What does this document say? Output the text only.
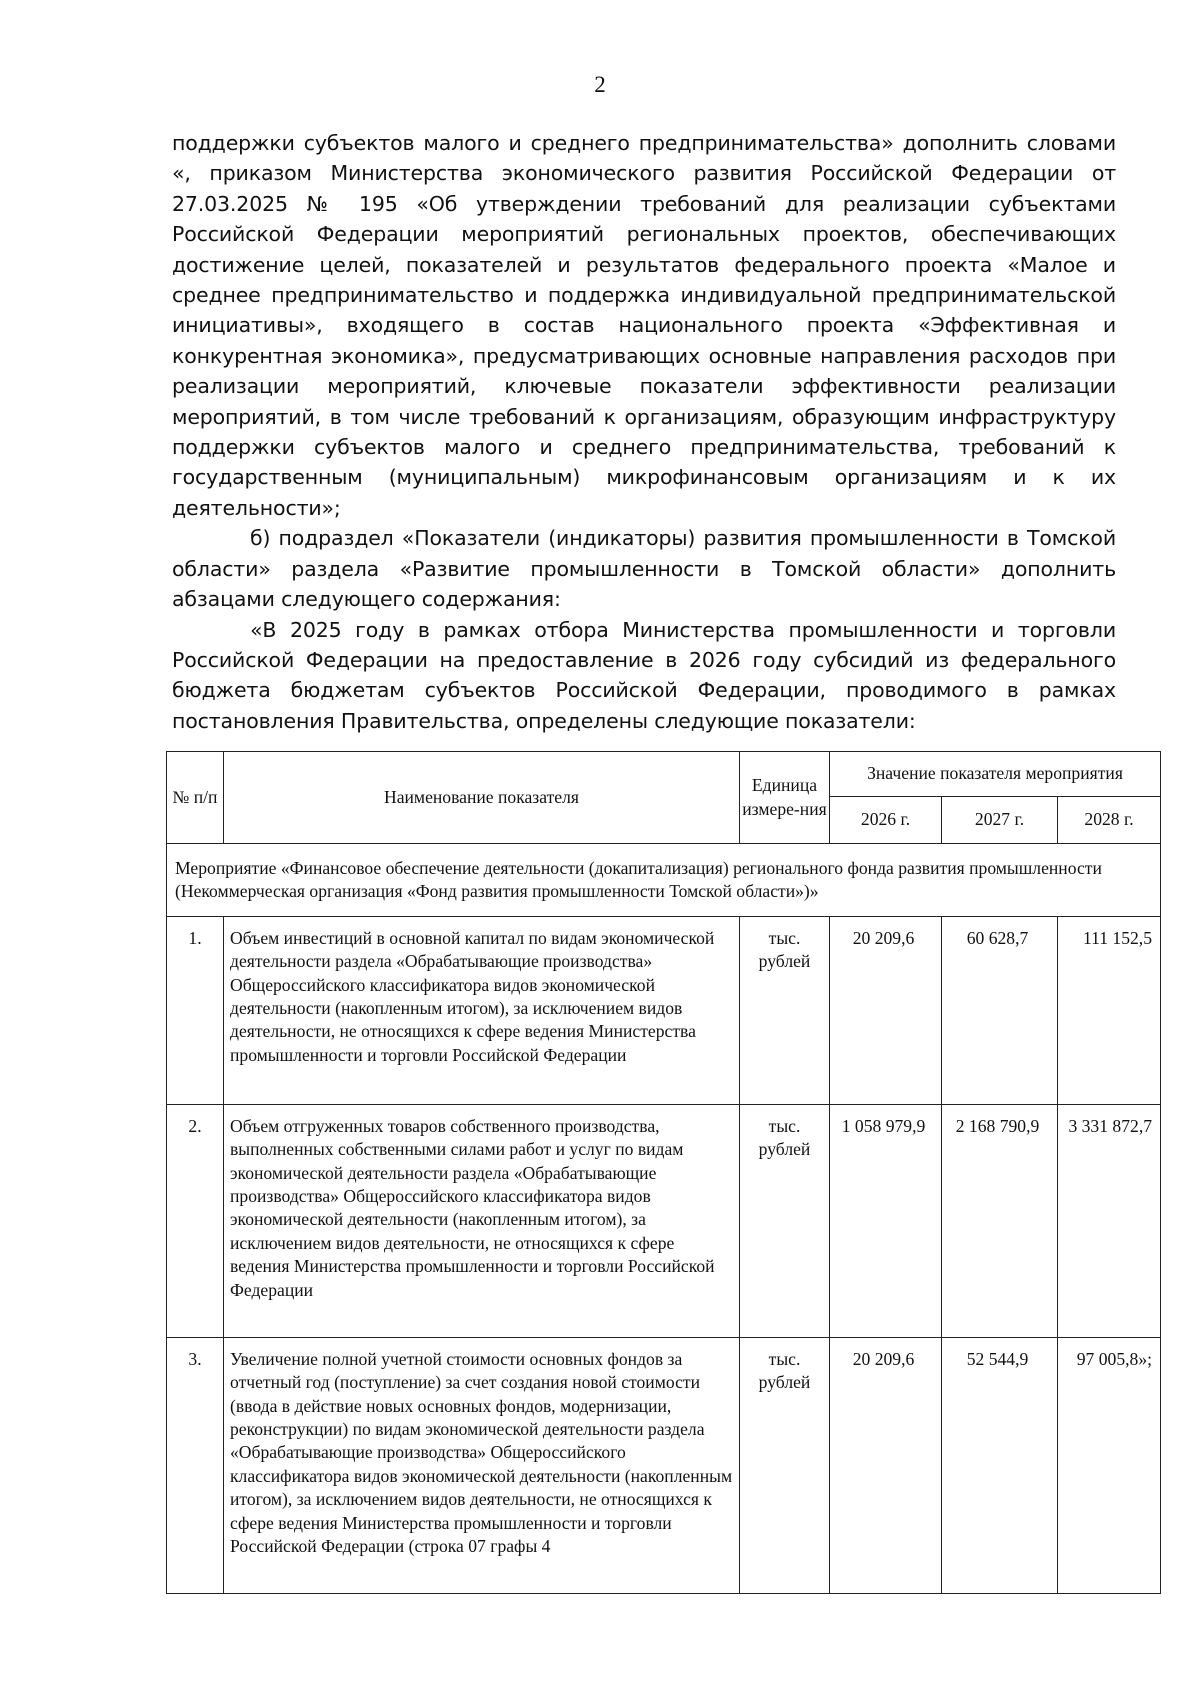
2

поддержки субъектов малого и среднего предпринимательства» дополнить словами «, приказом Министерства экономического развития Российской Федерации от 27.03.2025 № 195 «Об утверждении требований для реализации субъектами Российской Федерации мероприятий региональных проектов, обеспечивающих достижение целей, показателей и результатов федерального проекта «Малое и среднее предпринимательство и поддержка индивидуальной предпринимательской инициативы», входящего в состав национального проекта «Эффективная и конкурентная экономика», предусматривающих основные направления расходов при реализации мероприятий, ключевые показатели эффективности реализации мероприятий, в том числе требований к организациям, образующим инфраструктуру поддержки субъектов малого и среднего предпринимательства, требований к государственным (муниципальным) микрофинансовым организациям и к их деятельности»;

б) подраздел «Показатели (индикаторы) развития промышленности в Томской области» раздела «Развитие промышленности в Томской области» дополнить абзацами следующего содержания:

«В 2025 году в рамках отбора Министерства промышленности и торговли Российской Федерации на предоставление в 2026 году субсидий из федерального бюджета бюджетам субъектов Российской Федерации, проводимого в рамках постановления Правительства, определены следующие показатели:

№ п/п	Наименование показателя	Единица измере-ния	Значение показателя мероприятия		
			2026 г.	2027 г.	2028 г.
Мероприятие «Финансовое обеспечение деятельности (докапитализация) регионального фонда развития промышленности (Некоммерческая организация «Фонд развития промышленности Томской области»)»					
1.	Объем инвестиций в основной капитал по видам экономической деятельности раздела «Обрабатывающие производства» Общероссийского классификатора видов экономической деятельности (накопленным итогом), за исключением видов деятельности, не относящихся к сфере ведения Министерства промышленности и торговли Российской Федерации	тыс. рублей	20 209,6	60 628,7	111 152,5
2.	Объем отгруженных товаров собственного производства, выполненных собственными силами работ и услуг по видам экономической деятельности раздела «Обрабатывающие производства» Общероссийского классификатора видов экономической деятельности (накопленным итогом), за исключением видов деятельности, не относящихся к сфере ведения Министерства промышленности и торговли Российской Федерации	тыс. рублей	1 058 979,9	2 168 790,9	3 331 872,7
3.	Увеличение полной учетной стоимости основных фондов за отчетный год (поступление) за счет создания новой стоимости (ввода в действие новых основных фондов, модернизации, реконструкции) по видам экономической деятельности раздела «Обрабатывающие производства» Общероссийского классификатора видов экономической деятельности (накопленным итогом), за исключением видов деятельности, не относящихся к сфере ведения Министерства промышленности и торговли Российской Федерации (строка 07 графы 4	тыс. рублей	20 209,6	52 544,9	97 005,8»;
